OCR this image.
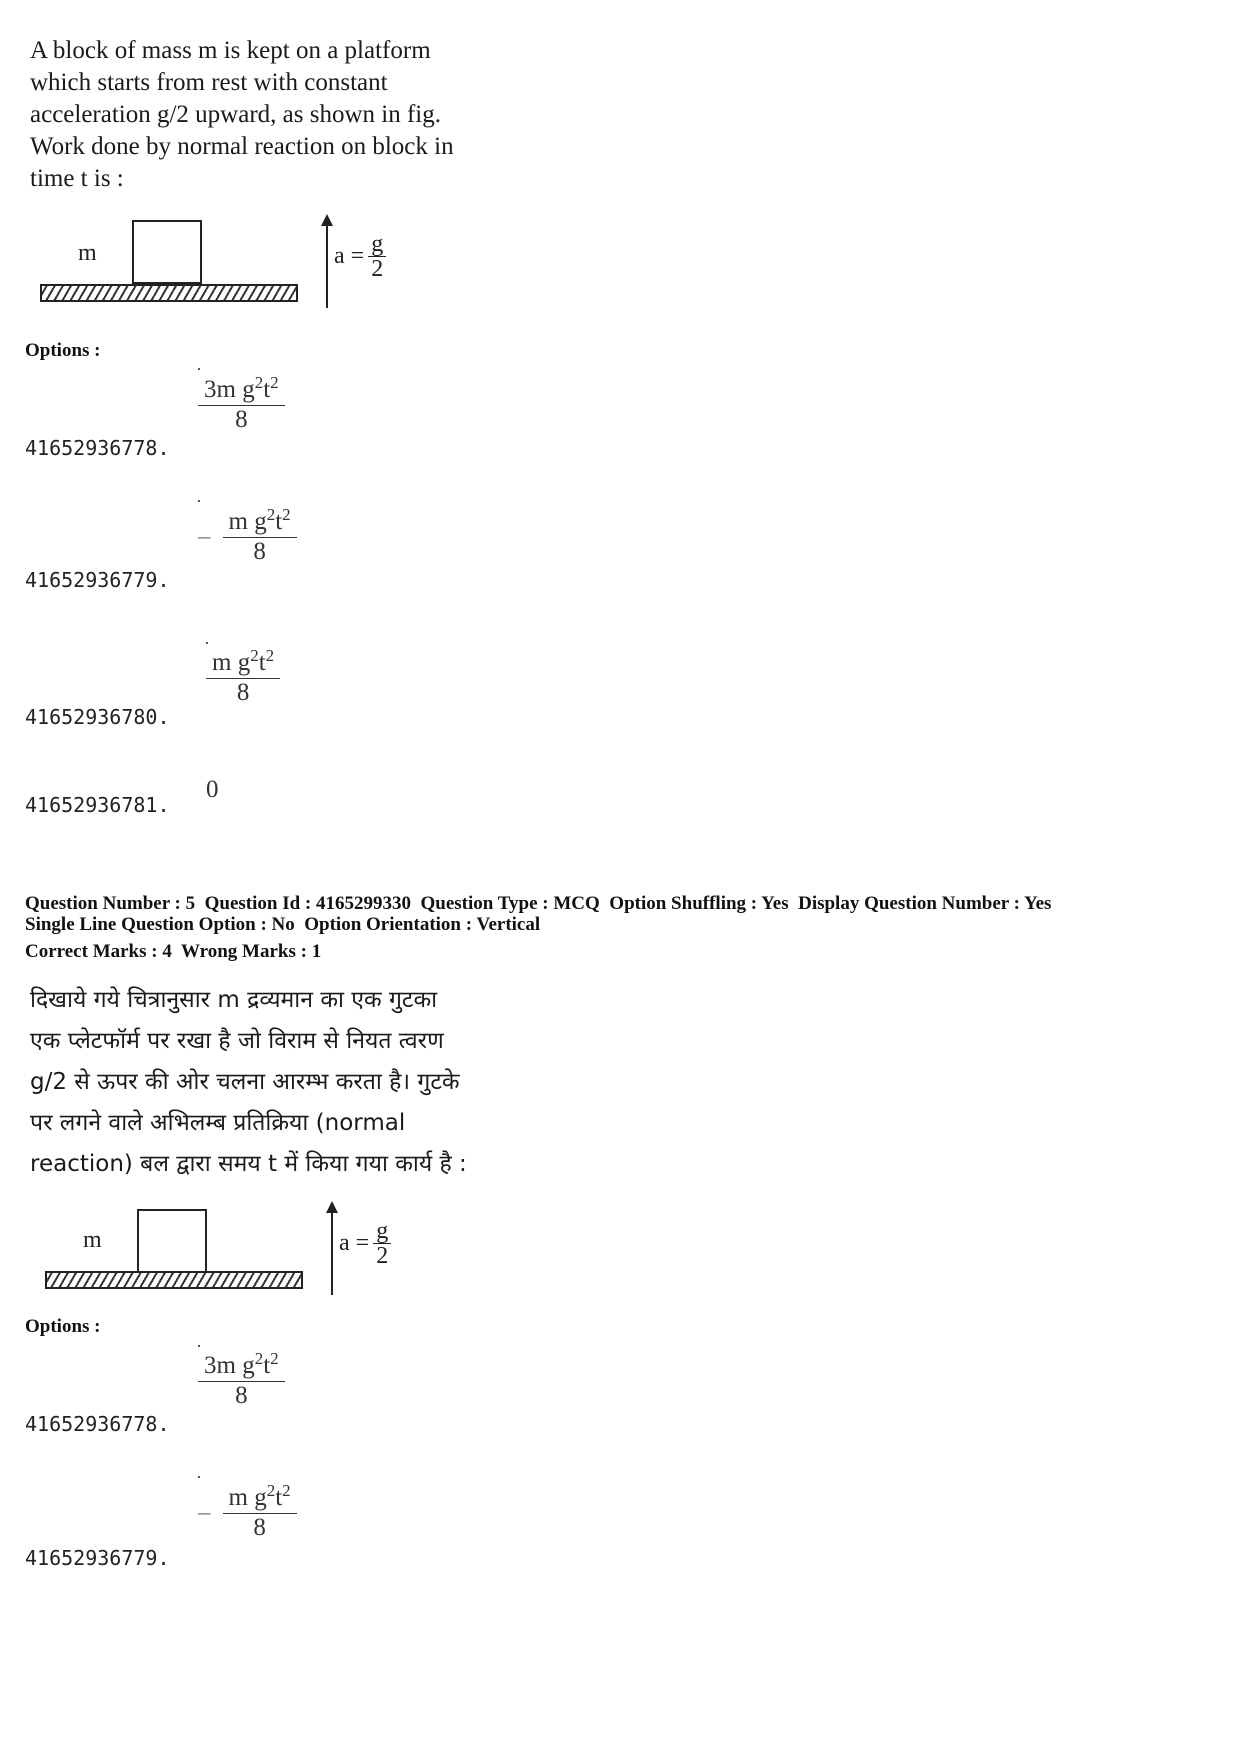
A block of mass m is kept on a platform
which starts from rest with constant
acceleration g/2 upward, as shown in fig.
Work done by normal reaction on block in
time t is :
m	$a = \frac{g}{2}$
Options :
$\frac{3m g^2t^2}{8}$
41652936778.
– $\frac{m g^2t^2}{8}$
41652936779.
$\frac{m g^2t^2}{8}$
41652936780.
0
41652936781.
Question Number : 5  Question Id : 4165299330  Question Type : MCQ  Option Shuffling : Yes  Display Question Number : Yes
Single Line Question Option : No  Option Orientation : Vertical
Correct Marks : 4  Wrong Marks : 1
दिखाये गये चित्रानुसार m द्रव्यमान का एक गुटका
एक प्लेटफॉर्म पर रखा है जो विराम से नियत त्वरण
g/2 से ऊपर की ओर चलना आरम्भ करता है। गुटके
पर लगने वाले अभिलम्ब प्रतिक्रिया (normal
reaction) बल द्वारा समय t में किया गया कार्य है :
m	$a = \frac{g}{2}$
Options :
$\frac{3m g^2t^2}{8}$
41652936778.
– $\frac{m g^2t^2}{8}$
41652936779.
